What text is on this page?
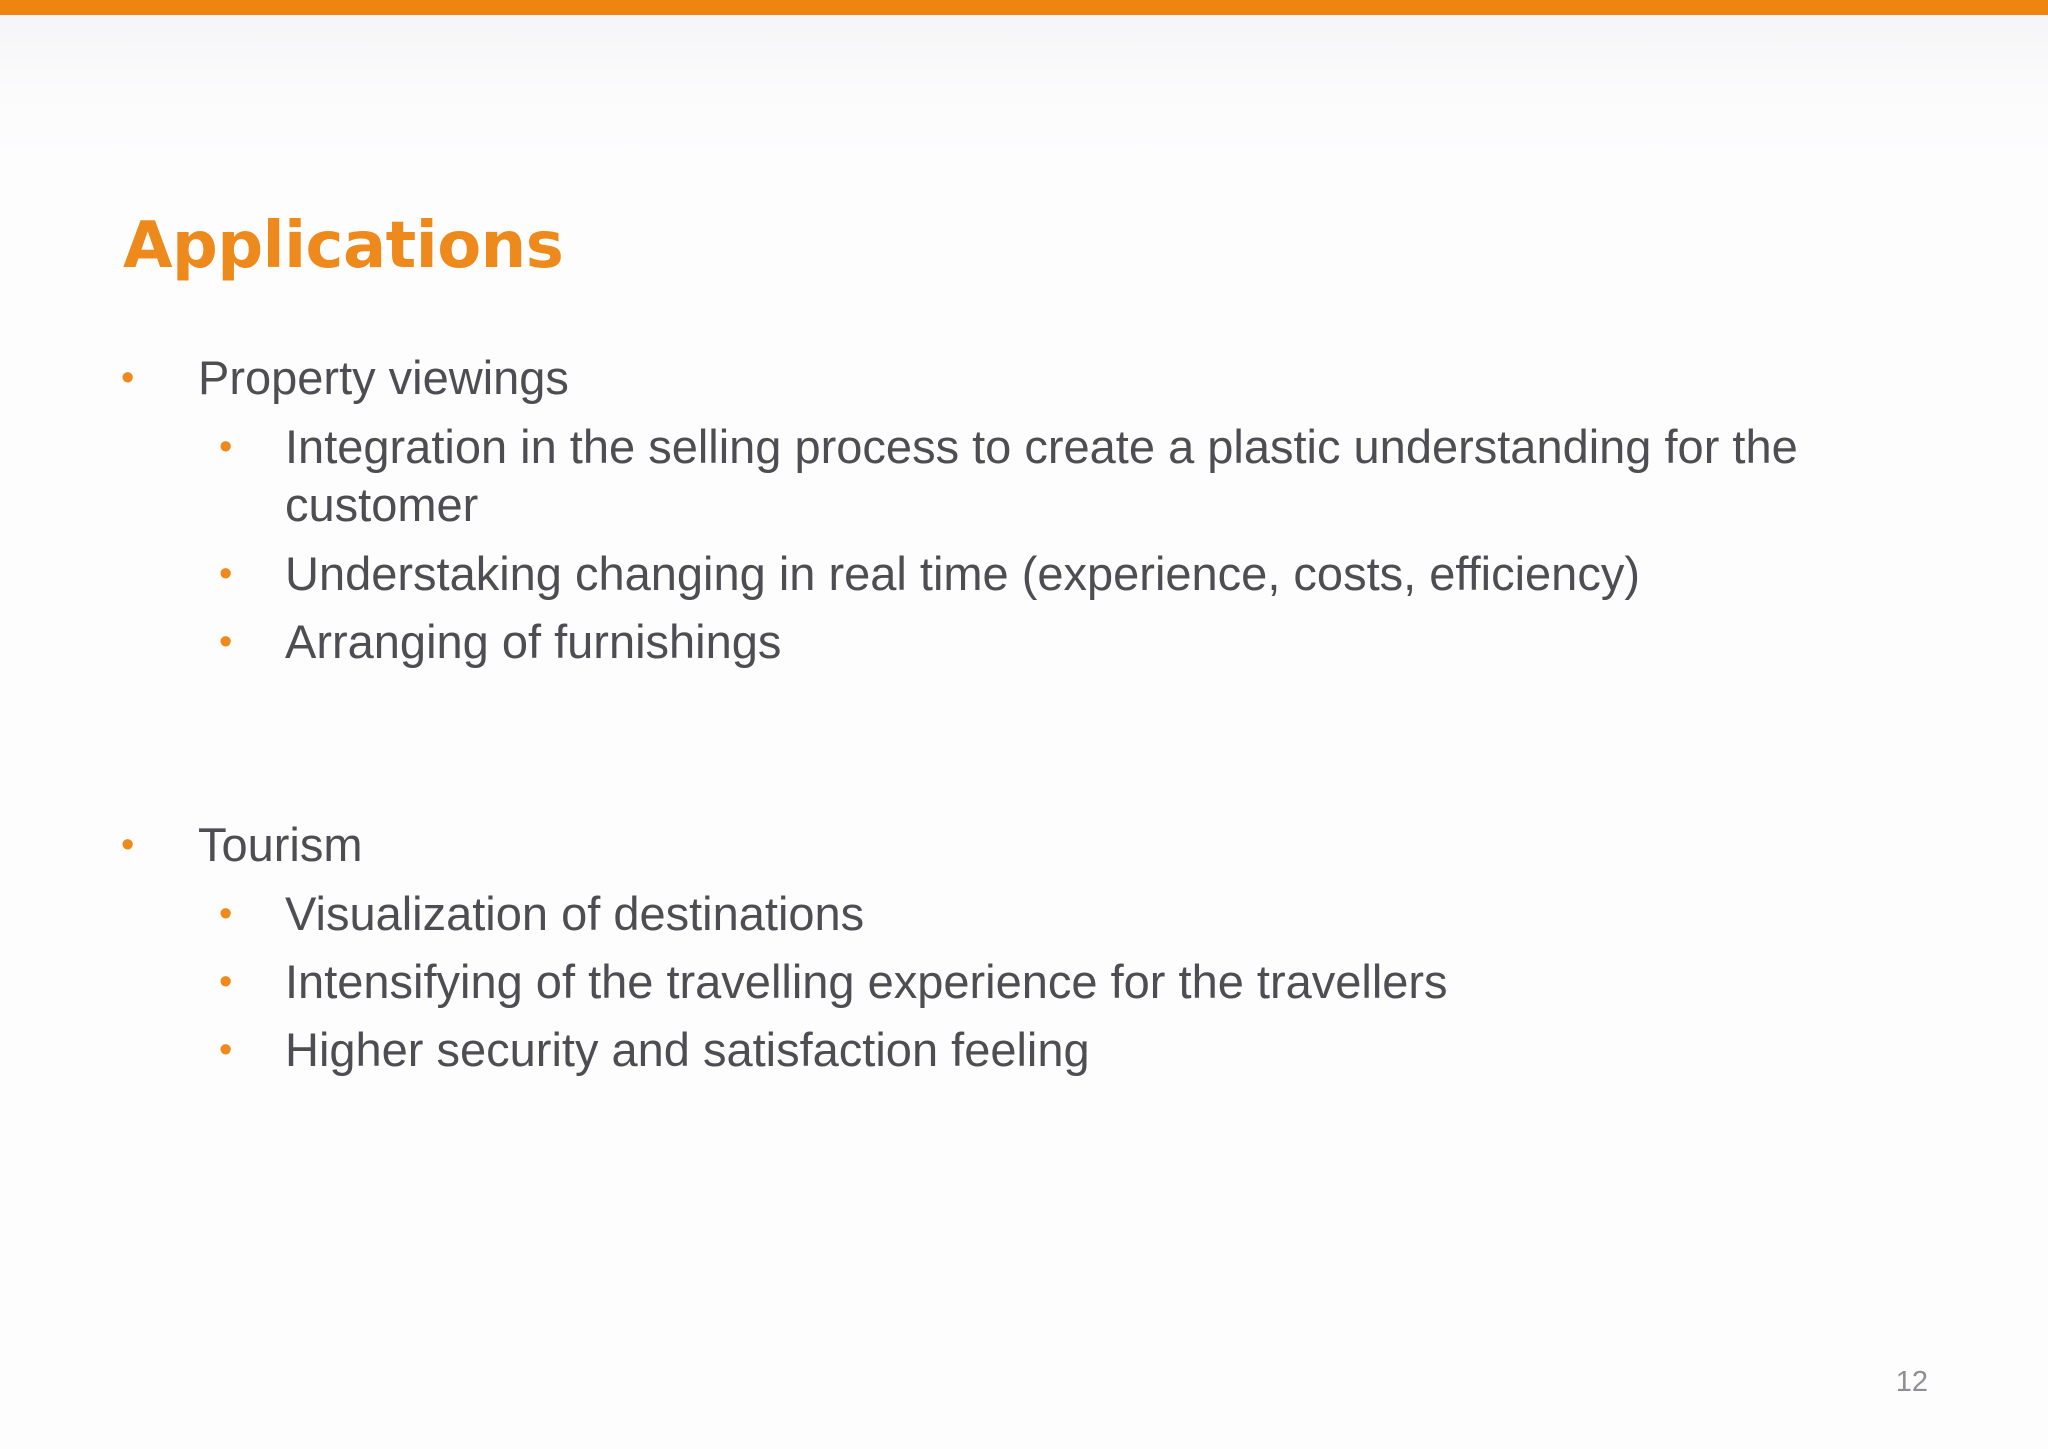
Applications
• Property viewings
• Integration in the selling process to create a plastic understanding for the
customer
• Understaking changing in real time (experience, costs, efficiency)
• Arranging of furnishings
• Tourism
• Visualization of destinations
• Intensifying of the travelling experience for the travellers
• Higher security and satisfaction feeling
12
